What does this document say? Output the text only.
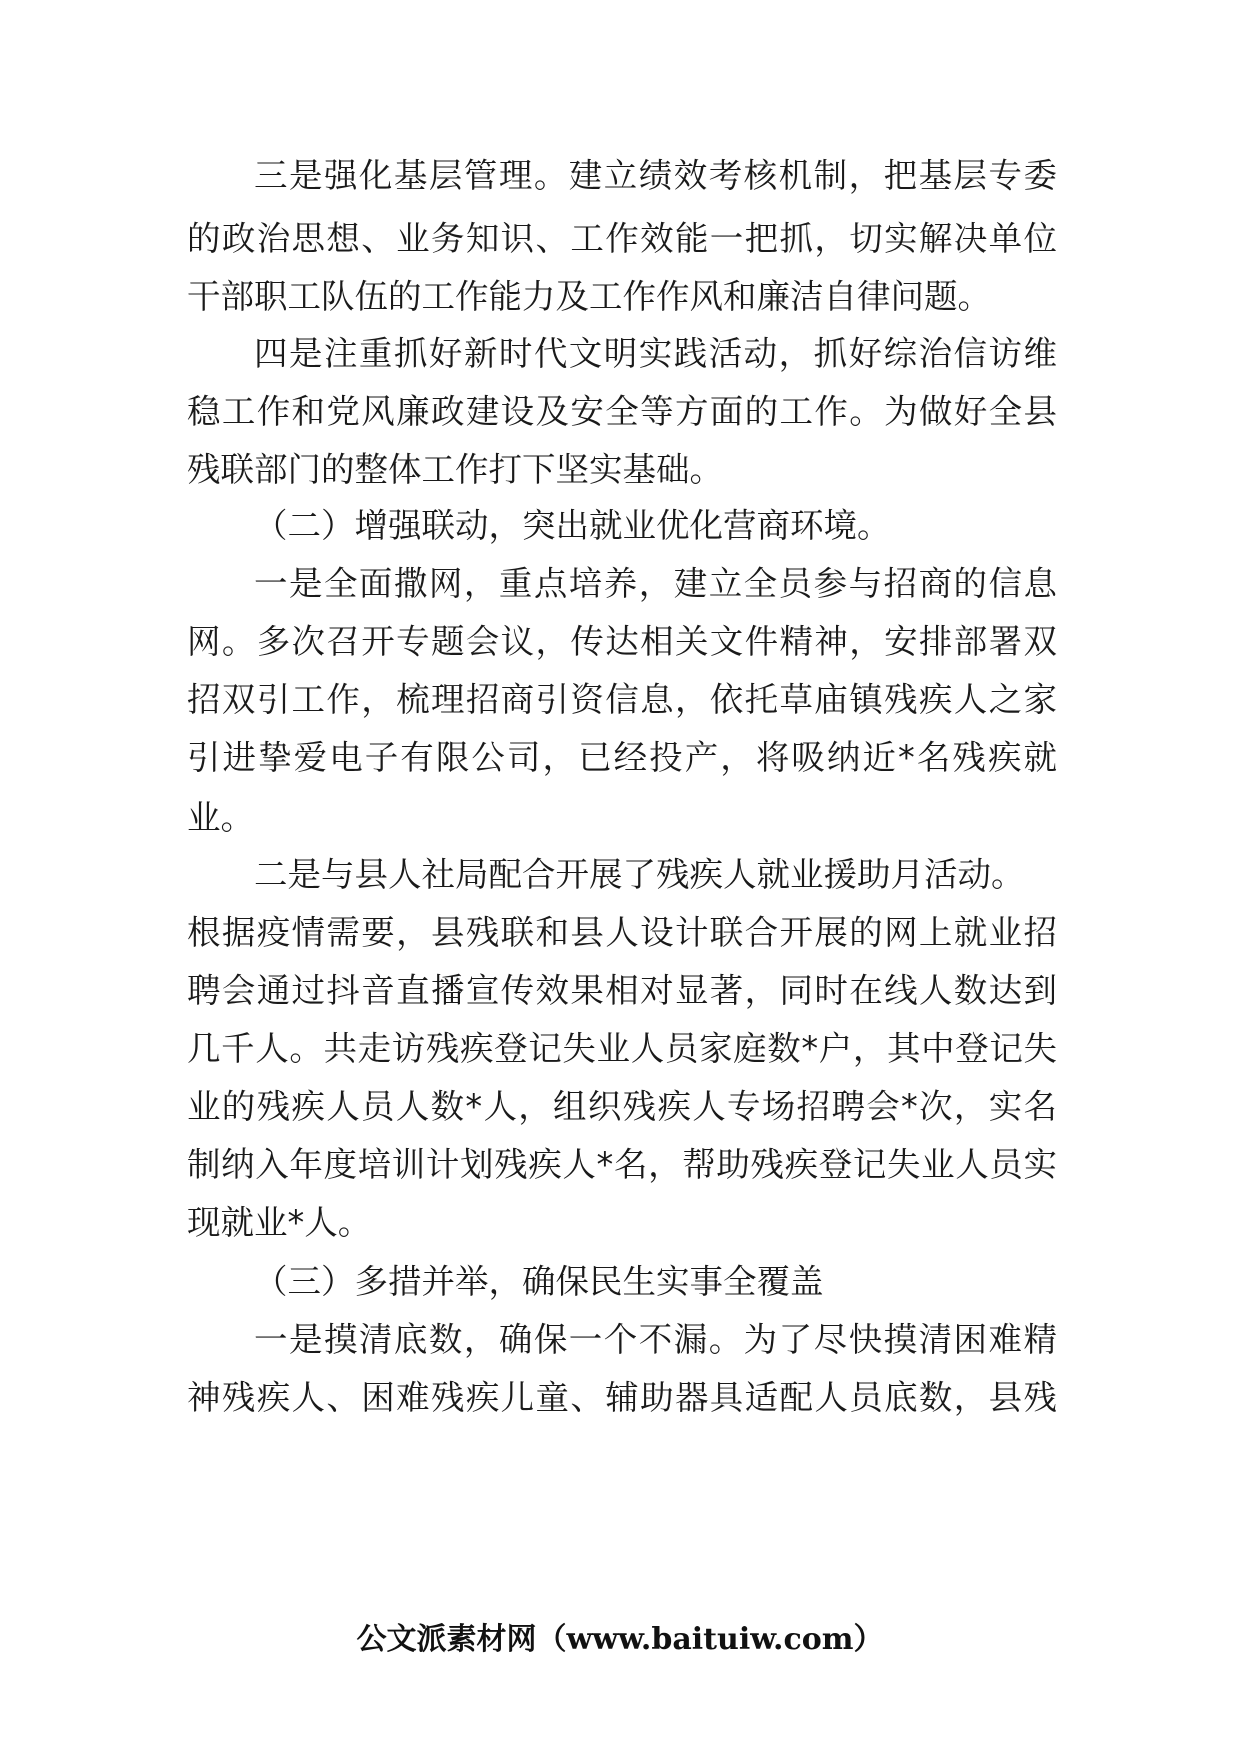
三是强化基层管理。建立绩效考核机制，把基层专委
的政治思想、业务知识、工作效能一把抓，切实解决单位
干部职工队伍的工作能力及工作作风和廉洁自律问题。
四是注重抓好新时代文明实践活动，抓好综治信访维
稳工作和党风廉政建设及安全等方面的工作。为做好全县
残联部门的整体工作打下坚实基础。
（二）增强联动，突出就业优化营商环境。
一是全面撒网，重点培养，建立全员参与招商的信息
网。多次召开专题会议，传达相关文件精神，安排部署双
招双引工作，梳理招商引资信息，依托草庙镇残疾人之家
引进挚爱电子有限公司，已经投产，将吸纳近*名残疾就
业。
二是与县人社局配合开展了残疾人就业援助月活动。
根据疫情需要，县残联和县人设计联合开展的网上就业招
聘会通过抖音直播宣传效果相对显著，同时在线人数达到
几千人。共走访残疾登记失业人员家庭数*户，其中登记失
业的残疾人员人数*人，组织残疾人专场招聘会*次，实名
制纳入年度培训计划残疾人*名，帮助残疾登记失业人员实
现就业*人。
（三）多措并举，确保民生实事全覆盖
一是摸清底数，确保一个不漏。为了尽快摸清困难精
神残疾人、困难残疾儿童、辅助器具适配人员底数，县残
公文派素材网（www.baituiw.com）
